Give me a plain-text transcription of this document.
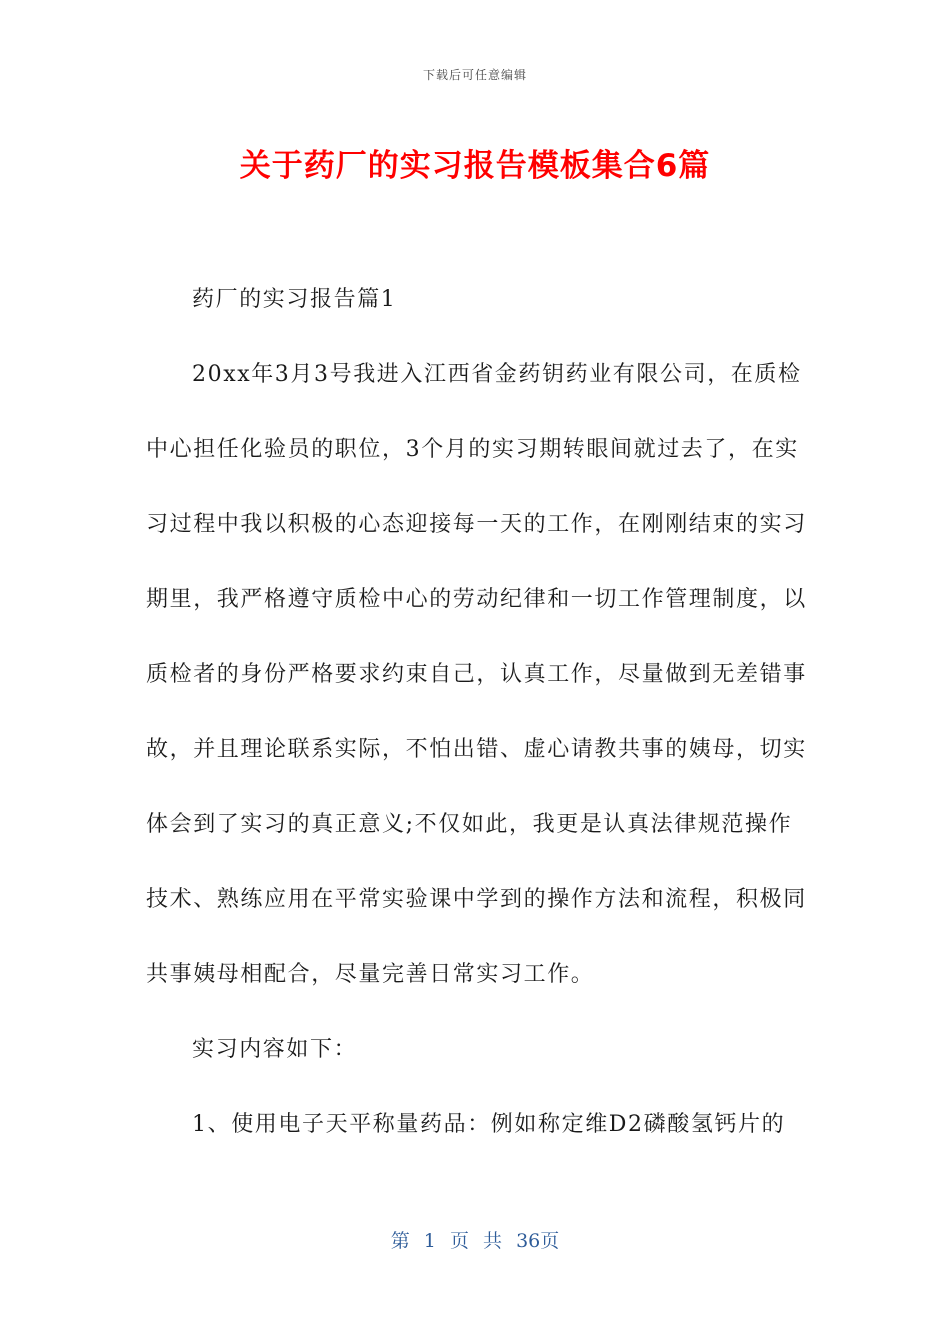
下载后可任意编辑
关于药厂的实习报告模板集合6篇

药厂的实习报告篇1

20xx年3月3号我进入江西省金药钥药业有限公司，在质检中心担任化验员的职位，3个月的实习期转眼间就过去了，在实习过程中我以积极的心态迎接每一天的工作，在刚刚结束的实习期里，我严格遵守质检中心的劳动纪律和一切工作管理制度，以质检者的身份严格要求约束自己，认真工作，尽量做到无差错事故，并且理论联系实际，不怕出错、虚心请教共事的姨母，切实体会到了实习的真正意义;不仅如此，我更是认真法律规范操作技术、熟练应用在平常实验课中学到的操作方法和流程，积极同共事姨母相配合，尽量完善日常实习工作。

实习内容如下：

1、使用电子天平称量药品：例如称定维D2磷酸氢钙片的

第 1 页 共 36页
